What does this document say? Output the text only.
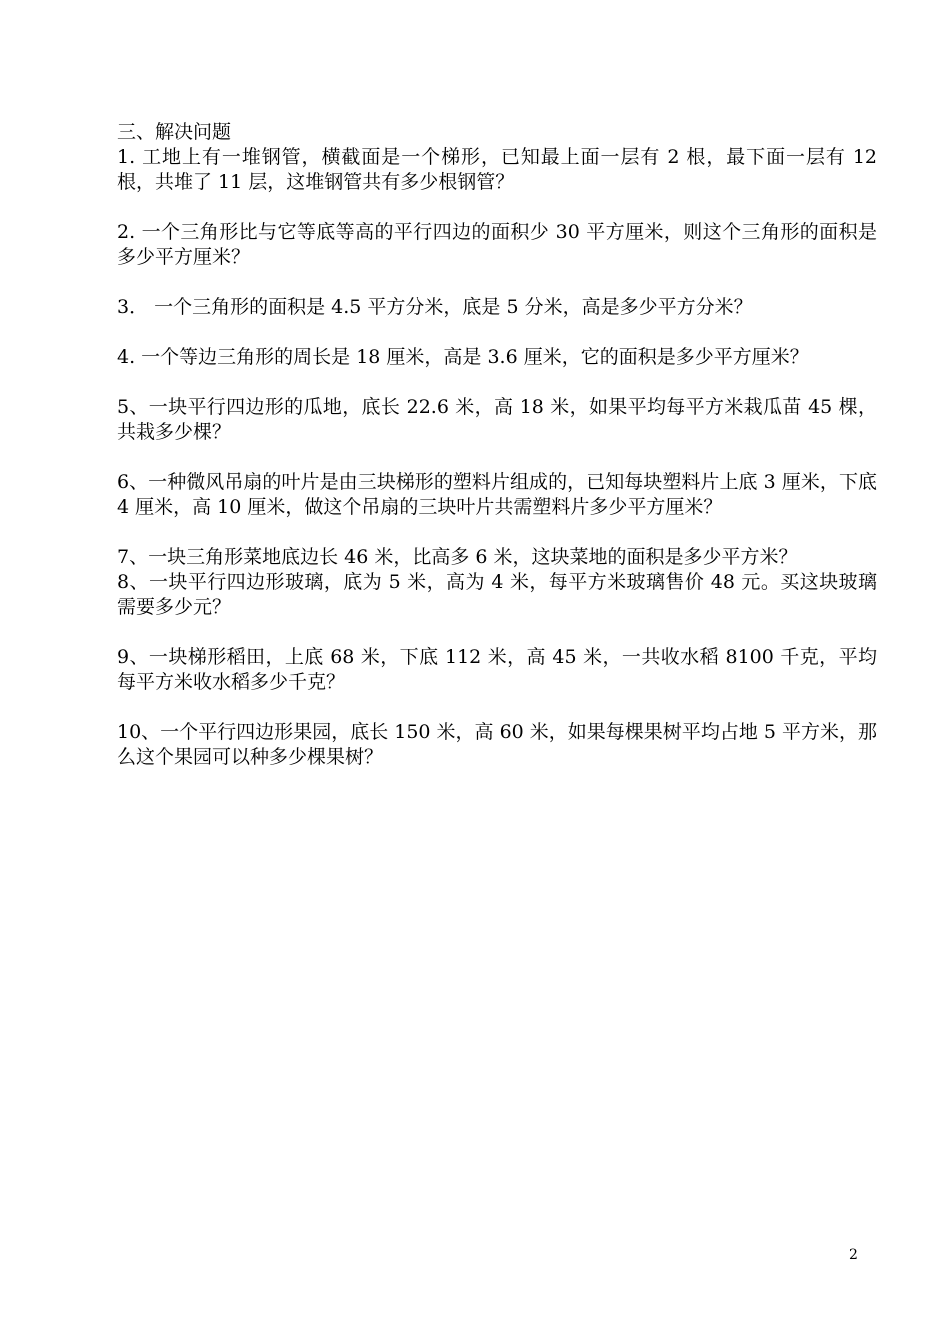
三、解决问题

1. 工地上有一堆钢管，横截面是一个梯形，已知最上面一层有 2 根，最下面一层有 12 根，共堆了 11 层，这堆钢管共有多少根钢管？

2. 一个三角形比与它等底等高的平行四边的面积少 30 平方厘米，则这个三角形的面积是多少平方厘米？

3． 一个三角形的面积是 4.5 平方分米，底是 5 分米，高是多少平方分米？

4. 一个等边三角形的周长是 18 厘米，高是 3.6 厘米，它的面积是多少平方厘米？

5、一块平行四边形的瓜地，底长 22.6 米，高 18 米，如果平均每平方米栽瓜苗 45 棵，共栽多少棵？

6、一种微风吊扇的叶片是由三块梯形的塑料片组成的，已知每块塑料片上底 3 厘米，下底 4 厘米，高 10 厘米，做这个吊扇的三块叶片共需塑料片多少平方厘米？

7、一块三角形菜地底边长 46 米，比高多 6 米，这块菜地的面积是多少平方米？

8、一块平行四边形玻璃，底为 5 米，高为 4 米，每平方米玻璃售价 48 元。买这块玻璃需要多少元？

9、一块梯形稻田，上底 68 米，下底 112 米，高 45 米，一共收水稻 8100 千克，平均每平方米收水稻多少千克？

10、一个平行四边形果园，底长 150 米，高 60 米，如果每棵果树平均占地 5 平方米，那么这个果园可以种多少棵果树？

2
